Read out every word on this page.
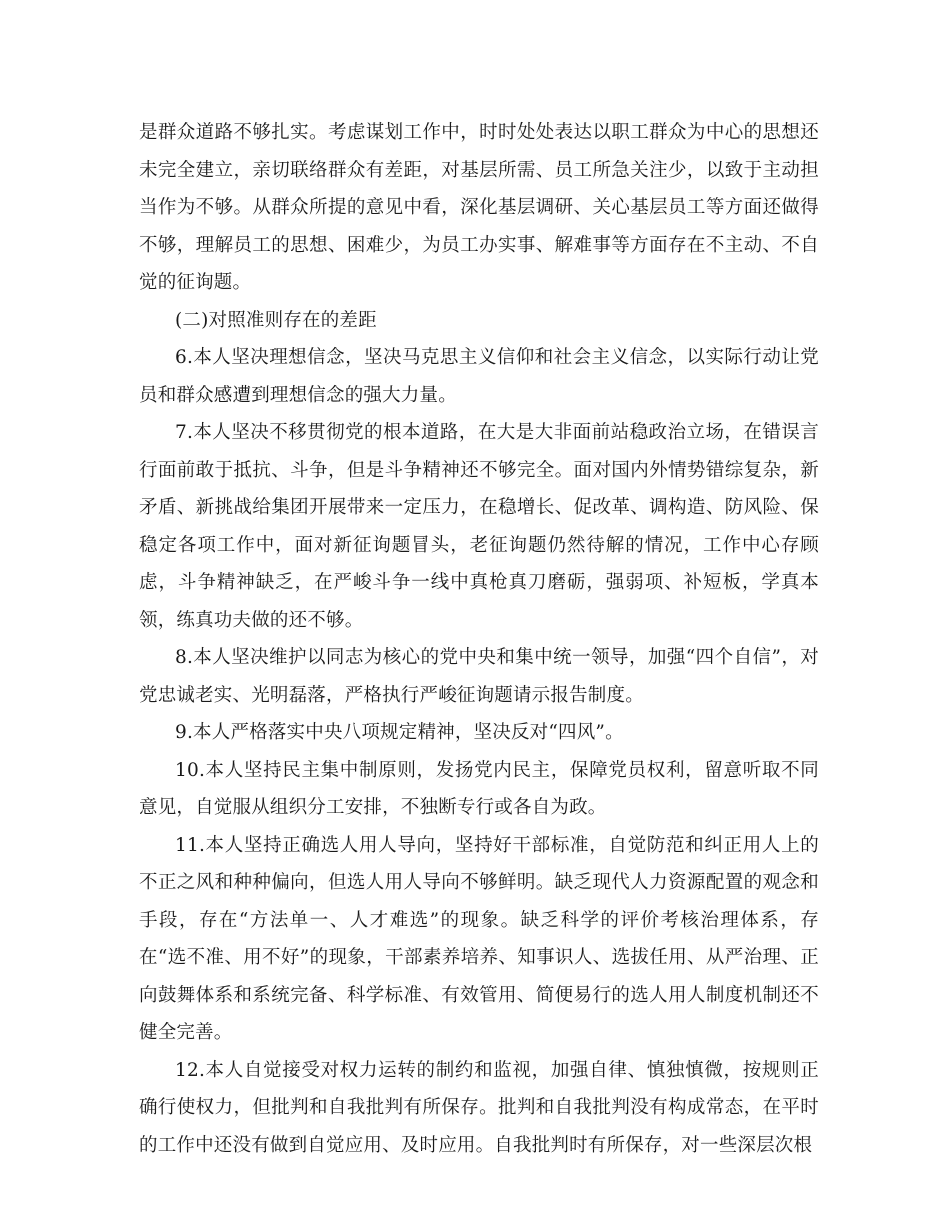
是群众道路不够扎实。考虑谋划工作中，时时处处表达以职工群众为中心的思想还未完全建立，亲切联络群众有差距，对基层所需、员工所急关注少，以致于主动担当作为不够。从群众所提的意见中看，深化基层调研、关心基层员工等方面还做得不够，理解员工的思想、困难少，为员工办实事、解难事等方面存在不主动、不自觉的征询题。

(二)对照准则存在的差距

6.本人坚决理想信念，坚决马克思主义信仰和社会主义信念，以实际行动让党员和群众感遭到理想信念的强大力量。

7.本人坚决不移贯彻党的根本道路，在大是大非面前站稳政治立场，在错误言行面前敢于抵抗、斗争，但是斗争精神还不够完全。面对国内外情势错综复杂，新矛盾、新挑战给集团开展带来一定压力，在稳增长、促改革、调构造、防风险、保稳定各项工作中，面对新征询题冒头，老征询题仍然待解的情况，工作中心存顾虑，斗争精神缺乏，在严峻斗争一线中真枪真刀磨砺，强弱项、补短板，学真本领，练真功夫做的还不够。

8.本人坚决维护以同志为核心的党中央和集中统一领导，加强“四个自信”，对党忠诚老实、光明磊落，严格执行严峻征询题请示报告制度。

9.本人严格落实中央八项规定精神，坚决反对“四风”。

10.本人坚持民主集中制原则，发扬党内民主，保障党员权利，留意听取不同意见，自觉服从组织分工安排，不独断专行或各自为政。

11.本人坚持正确选人用人导向，坚持好干部标准，自觉防范和纠正用人上的不正之风和种种偏向，但选人用人导向不够鲜明。缺乏现代人力资源配置的观念和手段，存在“方法单一、人才难选”的现象。缺乏科学的评价考核治理体系，存在“选不准、用不好”的现象，干部素养培养、知事识人、选拔任用、从严治理、正向鼓舞体系和系统完备、科学标准、有效管用、简便易行的选人用人制度机制还不健全完善。

12.本人自觉接受对权力运转的制约和监视，加强自律、慎独慎微，按规则正确行使权力，但批判和自我批判有所保存。批判和自我批判没有构成常态，在平时的工作中还没有做到自觉应用、及时应用。自我批判时有所保存，对一些深层次根
